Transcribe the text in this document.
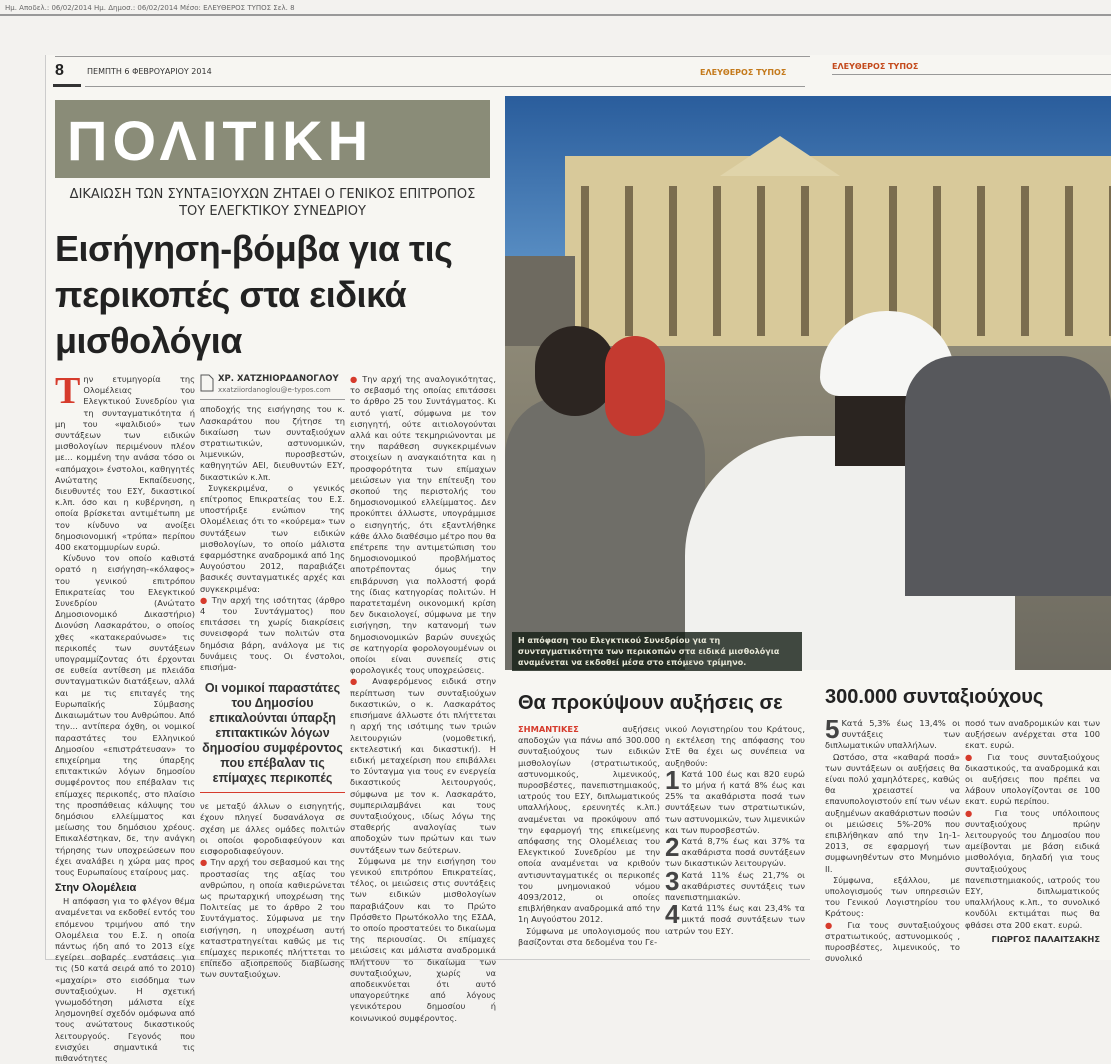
Ημ. Αποδελ.: 06/02/2014 Ημ. Δημοσ.: 06/02/2014 Μέσο: ΕΛΕΥΘΕΡΟΣ ΤΥΠΟΣ Σελ. 8
8	ΠΕΜΠΤΗ 6 ΦΕΒΡΟΥΑΡΙΟΥ 2014	ΕΛΕΥΘΕΡΟΣ ΤΥΠΟΣ
ΕΛΕΥΘΕΡΟΣ ΤΥΠΟΣ
Η απόφαση του Ελεγκτικού Συνεδρίου για τη συνταγματικότητα των περικοπών στα ειδικά μισθολόγια αναμένεται να εκδοθεί μέσα στο επόμενο τρίμηνο.
ΠΟΛΙΤΙΚΗ
ΔΙΚΑΙΩΣΗ ΤΩΝ ΣΥΝΤΑΞΙΟΥΧΩΝ ΖΗΤΑΕΙ Ο ΓΕΝΙΚΟΣ ΕΠΙΤΡΟΠΟΣ ΤΟΥ ΕΛΕΓΚΤΙΚΟΥ ΣΥΝΕΔΡΙΟΥ
Εισήγηση-βόμβα για τις περικοπές στα ειδικά μισθολόγια

Την ετυμηγορία της Ολομέλειας του Ελεγκτικού Συνεδρίου για τη συνταγματικότητα ή μη του «ψαλιδιού» των συντάξεων των ειδικών μισθολογίων περιμένουν πλέον με... κομμένη την ανάσα τόσο οι «απόμαχοι» ένστολοι, καθηγητές Ανώτατης Εκπαίδευσης, διευθυντές του ΕΣΥ, δικαστικοί κ.λπ. όσο και η κυβέρνηση, η οποία βρίσκεται αντιμέτωπη με τον κίνδυνο να ανοίξει δημοσιονομική «τρύπα» περίπου 400 εκατομμυρίων ευρώ.

Κίνδυνο τον οποίο καθιστά ορατό η εισήγηση-«κόλαφος» του γενικού επιτρόπου Επικρατείας του Ελεγκτικού Συνεδρίου (Ανώτατο Δημοσιονομικό Δικαστήριο) Διονύση Λασκαράτου, ο οποίος χθες «κατακεραύνωσε» τις περικοπές των συντάξεων υπογραμμίζοντας ότι έρχονται σε ευθεία αντίθεση με πλειάδα συνταγματικών διατάξεων, αλλά και με τις επιταγές της Ευρωπαϊκής Σύμβασης Δικαιωμάτων του Ανθρώπου. Από την... αντίπερα όχθη, οι νομικοί παραστάτες του Ελληνικού Δημοσίου «επιστράτευσαν» το επιχείρημα της ύπαρξης επιτακτικών λόγων δημοσίου συμφέροντος που επέβαλαν τις επίμαχες περικοπές, στο πλαίσιο της προσπάθειας κάλυψης του δημόσιου ελλείμματος και μείωσης του δημόσιου χρέους. Επικαλέστηκαν, δε, την ανάγκη τήρησης των υποχρεώσεων που έχει αναλάβει η χώρα μας προς τους Ευρωπαίους εταίρους μας.

Στην Ολομέλεια

Η απόφαση για το φλέγον θέμα αναμένεται να εκδοθεί εντός του επόμενου τριμήνου από την Ολομέλεια του Ε.Σ. η οποία πάντως ήδη από το 2013 είχε εγείρει σοβαρές ενστάσεις για τις (50 κατά σειρά από το 2010) «μαχαίρι» στο εισόδημα των συνταξιούχων. Η σχετική γνωμοδότηση μάλιστα είχε λησμονηθεί σχεδόν ομόφωνα από τους ανώτατους δικαστικούς λειτουργούς. Γεγονός που ενισχύει σημαντικά τις πιθανότητες

ΧΡ. ΧΑΤΖΗΙΟΡΔΑΝΟΓΛΟΥ
xxatziiordanoglou@e-typos.com

αποδοχής της εισήγησης του κ. Λασκαράτου που ζήτησε τη δικαίωση των συνταξιούχων στρατιωτικών, αστυνομικών, λιμενικών, πυροσβεστών, καθηγητών ΑΕΙ, διευθυντών ΕΣΥ, δικαστικών κ.λπ.

Συγκεκριμένα, ο γενικός επίτροπος Επικρατείας του Ε.Σ. υποστήριξε ενώπιον της Ολομέλειας ότι το «κούρεμα» των συντάξεων των ειδικών μισθολογίων, το οποίο μάλιστα εφαρμόστηκε αναδρομικά από 1ης Αυγούστου 2012, παραβιάζει βασικές συνταγματικές αρχές και συγκεκριμένα:

● Την αρχή της ισότητας (άρθρο 4 του Συντάγματος) που επιτάσσει τη χωρίς διακρίσεις συνεισφορά των πολιτών στα δημόσια βάρη, ανάλογα με τις δυνάμεις τους. Οι ένστολοι, επισήμα-

Οι νομικοί παραστάτες του Δημοσίου επικαλούνται ύπαρξη επιτακτικών λόγων δημοσίου συμφέροντος που επέβαλαν τις επίμαχες περικοπές

νε μεταξύ άλλων ο εισηγητής, έχουν πληγεί δυσανάλογα σε σχέση με άλλες ομάδες πολιτών οι οποίοι φοροδιαφεύγουν και εισφοροδιαφεύγουν.

● Την αρχή του σεβασμού και της προστασίας της αξίας του ανθρώπου, η οποία καθιερώνεται ως πρωταρχική υποχρέωση της Πολιτείας με το άρθρο 2 του Συντάγματος. Σύμφωνα με την εισήγηση, η υποχρέωση αυτή καταστρατηγείται καθώς με τις επίμαχες περικοπές πλήττεται το επίπεδο αξιοπρεπούς διαβίωσης των συνταξιούχων.

● Την αρχή της αναλογικότητας, το σεβασμό της οποίας επιτάσσει το άρθρο 25 του Συντάγματος. Κι αυτό γιατί, σύμφωνα με τον εισηγητή, ούτε αιτιολογούνται αλλά και ούτε τεκμηριώνονται με την παράθεση συγκεκριμένων στοιχείων η αναγκαιότητα και η προσφορότητα των επίμαχων μειώσεων για την επίτευξη του σκοπού της περιστολής του δημοσιονομικού ελλείμματος. Δεν προκύπτει άλλωστε, υπογράμμισε ο εισηγητής, ότι εξαντλήθηκε κάθε άλλο διαθέσιμο μέτρο που θα επέτρεπε την αντιμετώπιση του δημοσιονομικού προβλήματος αποτρέποντας όμως την επιβάρυνση για πολλοστή φορά της ίδιας κατηγορίας πολιτών. Η παρατεταμένη οικονομική κρίση δεν δικαιολογεί, σύμφωνα με την εισήγηση, την κατανομή των δημοσιονομικών βαρών συνεχώς σε κατηγορία φορολογουμένων οι οποίοι είναι συνεπείς στις φορολογικές τους υποχρεώσεις.

● Αναφερόμενος ειδικά στην περίπτωση των συνταξιούχων δικαστικών, ο κ. Λασκαράτος επισήμανε άλλωστε ότι πλήττεται η αρχή της ισότιμης των τριών λειτουργιών (νομοθετική, εκτελεστική και δικαστική). Η ειδική μεταχείριση που επιβάλλει το Σύνταγμα για τους εν ενεργεία δικαστικούς λειτουργούς, σύμφωνα με τον κ. Λασκαράτο, συμπεριλαμβάνει και τους συνταξιούχους, ιδίως λόγω της σταθερής αναλογίας των αποδοχών των πρώτων και των συντάξεων των δεύτερων.

Σύμφωνα με την εισήγηση του γενικού επιτρόπου Επικρατείας, τέλος, οι μειώσεις στις συντάξεις των ειδικών μισθολογίων παραβιάζουν και το Πρώτο Πρόσθετο Πρωτόκολλο της ΕΣΔΑ, το οποίο προστατεύει το δικαίωμα της περιουσίας. Οι επίμαχες μειώσεις και μάλιστα αναδρομικά πλήττουν το δικαίωμα των συνταξιούχων, χωρίς να αποδεικνύεται ότι αυτό υπαγορεύτηκε από λόγους γενικότερου δημοσίου ή κοινωνικού συμφέροντος.

Θα προκύψουν αυξήσεις σε

ΣΗΜΑΝΤΙΚΕΣ	αυξήσεις αποδοχών για πάνω από 300.000 συνταξιούχους των ειδικών μισθολογίων (στρατιωτικούς, αστυνομικούς, λιμενικούς, πυροσβέστες, πανεπιστημιακούς, ιατρούς του ΕΣΥ, διπλωματικούς υπαλλήλους, ερευνητές κ.λπ.) αναμένεται να προκύψουν από την εφαρμογή της επικείμενης απόφασης της Ολομέλειας του Ελεγκτικού Συνεδρίου με την οποία αναμένεται να κριθούν αντισυνταγματικές οι περικοπές του μνημονιακού νόμου 4093/2012, οι οποίες επιβλήθηκαν αναδρομικά από την 1η Αυγούστου 2012.

Σύμφωνα με υπολογισμούς που βασίζονται στα δεδομένα του Γε-

νικού Λογιστηρίου του Κράτους, η εκτέλεση της απόφασης του ΣτΕ θα έχει ως συνέπεια να αυξηθούν:

1 Κατά 100 έως και 820 ευρώ το μήνα ή κατά 8% έως και 25% τα ακαθάριστα ποσά των συντάξεων των στρατιωτικών, των αστυνομικών, των λιμενικών και των πυροσβεστών.

2 Κατά 8,7% έως και 37% τα ακαθάριστα ποσά συντάξεων των δικαστικών λειτουργών.

3 Κατά 11% έως 21,7% οι ακαθάριστες συντάξεις των πανεπιστημιακών.

4 Κατά 11% έως και 23,4% τα μικτά ποσά συντάξεων των ιατρών του ΕΣΥ.

300.000 συνταξιούχους

5 Κατά 5,3% έως 13,4% οι συντάξεις των διπλωματικών υπαλλήλων.

Ωστόσο, στα «καθαρά ποσά» των συντάξεων οι αυξήσεις θα είναι πολύ χαμηλότερες, καθώς θα χρειαστεί να επανυπολογιστούν επί των νέων αυξημένων ακαθάριστων ποσών οι μειώσεις 5%-20% που επιβλήθηκαν από την 1η-1-2013, σε εφαρμογή των συμφωνηθέντων στο Μνημόνιο ΙΙ.

Σύμφωνα, εξάλλου, με υπολογισμούς των υπηρεσιών του Γενικού Λογιστηρίου του Κράτους:

● Για τους συνταξιούχους στρατιωτικούς, αστυνομικούς , πυροσβέστες, λιμενικούς, το συνολικό

ποσό των αναδρομικών και των αυξήσεων ανέρχεται στα 100 εκατ. ευρώ.

● Για τους συνταξιούχους δικαστικούς, τα αναδρομικά και οι αυξήσεις που πρέπει να λάβουν υπολογίζονται σε 100 εκατ. ευρώ περίπου.

● Για τους υπόλοιπους συνταξιούχους πρώην λειτουργούς του Δημοσίου που αμείβονται με βάση ειδικά μισθολόγια, δηλαδή για τους συνταξιούχους πανεπιστημιακούς, ιατρούς του ΕΣΥ, διπλωματικούς υπαλλήλους κ.λπ., το συνολικό κονδύλι εκτιμάται πως θα φθάσει στα 200 εκατ. ευρώ.

ΓΙΩΡΓΟΣ ΠΑΛΑΙΤΣΑΚΗΣ
